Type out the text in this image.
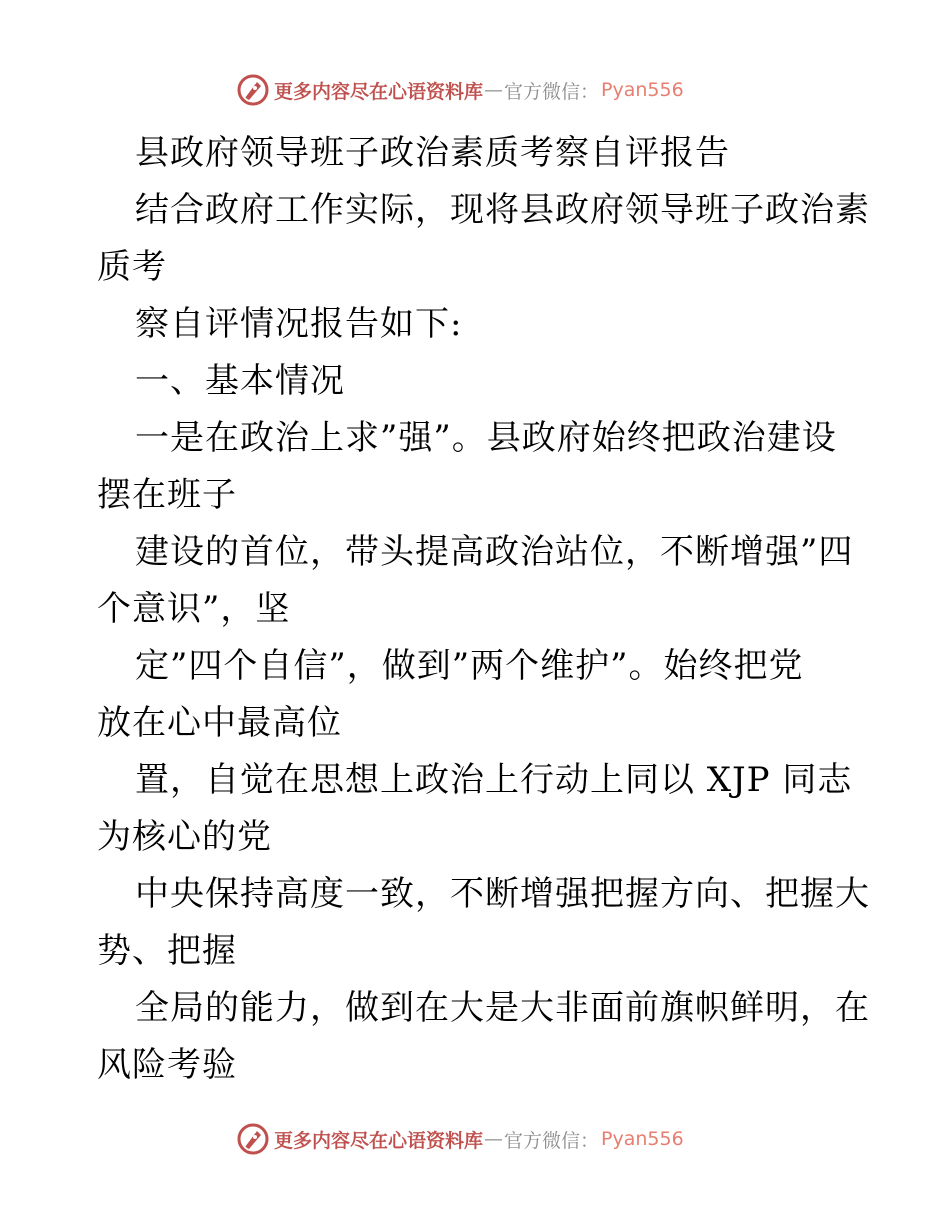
更多内容尽在心语资料库 — 官方微信： Pyan556

县政府领导班子政治素质考察自评报告

结合政府工作实际，现将县政府领导班子政治素

质考

察自评情况报告如下:

一、基本情况

一是在政治上求”强”。县政府始终把政治建设

摆在班子

建设的首位，带头提高政治站位，不断增强”四

个意识”，坚

定”四个自信”，做到”两个维护”。始终把党

放在心中最高位

置，自觉在思想上政治上行动上同以 XJP 同志

为核心的党

中央保持高度一致，不断增强把握方向、把握大

势、把握

全局的能力，做到在大是大非面前旗帜鲜明，在

风险考验

更多内容尽在心语资料库 — 官方微信： Pyan556
